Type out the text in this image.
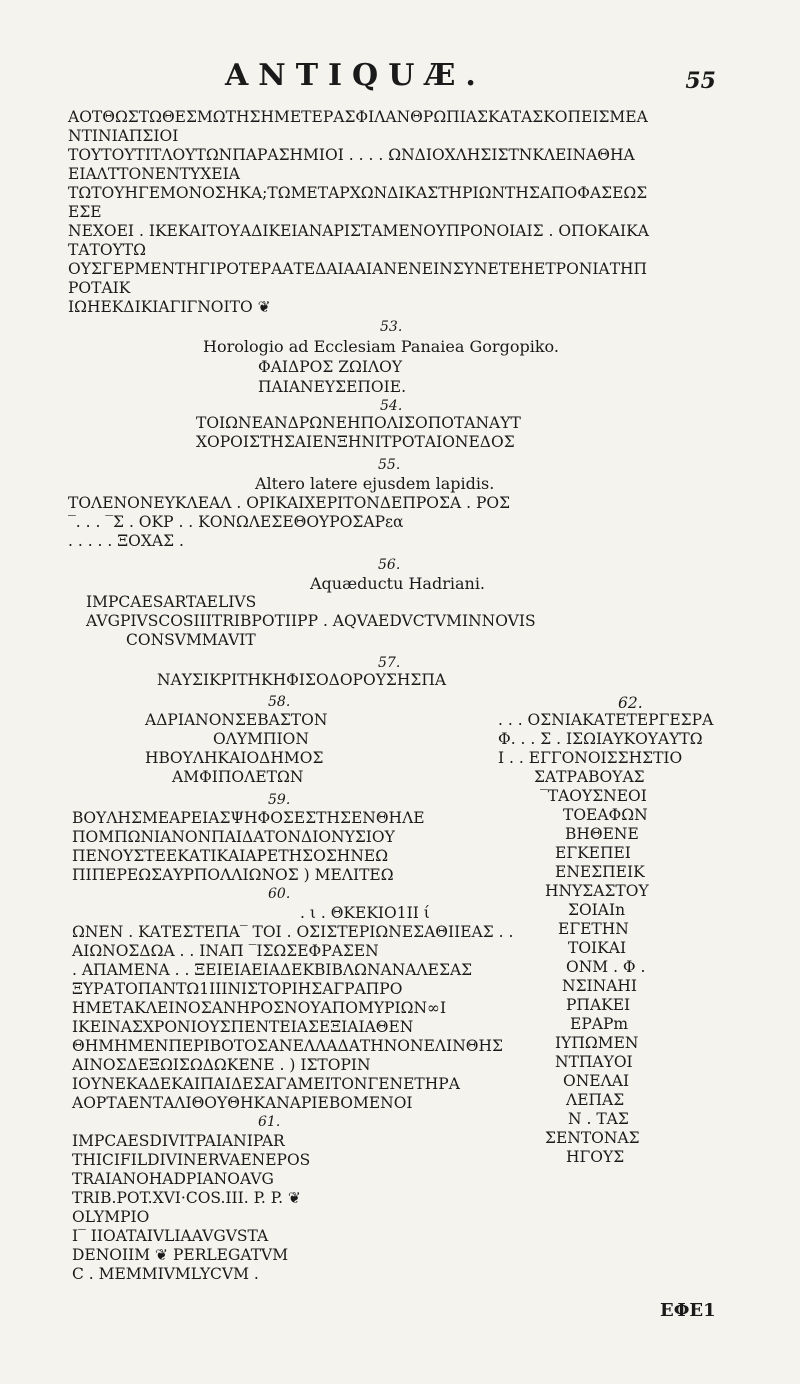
ANTIQUÆ.	55
ΑΟΤΘΩΣΤΩΘΕΣΜΩΤΗΣΗΜΕΤΕΡΑΣΦΙΛΑΝΘΡΩΠΙΑΣΚΑΤΑΣΚΟΠΕΙΣΜΕΑ
ΝΤΙΝΙΑΠΣΙΟΙ
ΤΟΥΤΟΥΤΙΤΛΟΥΤΩΝΠΑΡΑΣΗΜΙΟΙ . . . . ΩΝΔΙΟΧΛΗΣΙΣΤΝΚΛΕΙΝΑΘΗΑ
ΕΙΑΛΤΤΟΝΕΝΤΥΧΕΙΑ
ΤΩΤΟΥΗΓΕΜΟΝΟΣΗΚΑ;ΤΩΜΕΤΑΡΧΩΝΔΙΚΑΣΤΗΡΙΩΝΤΗΣΑΠΟΦΑΣΕΩΣ
ΕΣΕ
ΝΕΧΟΕΙ . ΙΚΕΚΑΙΤΟΥΑΔΙΚΕΙΑΝΑΡΙΣΤΑΜΕΝΟΥΠΡΟΝΟΙΑΙΣ . ΟΠΟΚΑΙΚΑ
ΤΑΤΟΥΤΩ
ΟΥΣΓΕΡΜΕΝΤΗΓΙΡΟΤΕΡΑΑΤΕΔΑΙΑΑΙΑΝΕΝΕΙΝΣΥΝΕΤΕΗΕΤΡΟΝΙΑΤΗΠ
ΡΟΤΑΙΚ
ΙΩΗΕΚΔΙΚΙΑΓΙΓΝΟΙΤΟ ❦
53.
Horologio ad Ecclesiam Panaiea Gorgopiko.
ΦΑΙΔΡΟΣ ΖΩΙΛΟΥ
ΠΑΙΑΝΕΥΣΕΠΟΙΕ.
54.
ΤΟΙΩΝΕΑΝΔΡΩΝΕΗΠΟΛΙΣΟΠΟΤΑΝΑΥΤ
ΧΟΡΟΙΣΤΗΣΑΙΕΝΞΗΝΙΤΡΟΤΑΙΟΝΕΔΟΣ
55.
Altero latere ejusdem lapidis.
ΤΟΛΕΝΟΝΕΥΚΛΕΑΛ . ΟΡΙΚΑΙΧΕΡΙΤΟΝΔΕΠΡΟΣΑ . ΡΟΣ
‾. . . ‾Σ . ΟΚΡ . . ΚΟΝΩΛΕΣΕΘΟΥΡΟΣΑΡεα
. . . . . ΞΟΧΑΣ .
56.
Aquæductu Hadriani.
IMPCAESARTAELIVS
AVGPIVSCOSIIITRIBPOTIIPP . AQVAEDVCTVMINNOVIS
CONSVMMAVIT
57.
ΝΑΥΣΙΚΡΙΤΗΚΗΦΙΣΟΔΟΡΟΥΣΗΣΠΑ
58.
ΑΔΡΙΑΝΟΝΣΕΒΑΣΤΟΝ
ΟΛΥΜΠΙΟΝ
ΗΒΟΥΛΗΚΑΙΟΔΗΜΟΣ
ΑΜΦΙΠΟΛΕΤΩΝ
59.
ΒΟΥΛΗΣΜΕΑΡΕΙΑΣΨΗΦΟΣΕΣΤΗΣΕΝΘΗΛΕ
ΠΟΜΠΩΝΙΑΝΟΝΠΑΙΔΑΤΟΝΔΙΟΝΥΣΙΟΥ
ΠΕΝΟΥΣΤΕΕΚΑΤΙΚΑΙΑΡΕΤΗΣΟΣΗΝΕΩ
ΠΙΠΕΡΕΩΣΑΥΡΠΟΛΛΙΩΝΟΣ ) ΜΕΛΙΤΕΩ
60.
. ι . ΘΚΕΚΙΟ1ΙΙ ί
ΩΝΕΝ . ΚΑΤΕΣΤΕΠΑ‾ ΤΟΙ . ΟΣΙΣΤΕΡΙΩΝΕΣΑΘΙΙΕΑΣ . .
ΑΙΩΝΟΣΔΩΑ . . ΙΝΑΠ ‾ΙΣΩΣΕΦΡΑΣΕΝ
. ΑΠΑΜΕΝΑ . . ΞΕΙΕΙΑΕΙΑΔΕΚΒΙΒΛΩΝΑΝΑΛΕΣΑΣ
ΞΥΡΑΤΟΠΑΝΤΩ1ΙΙΙΝΙΣΤΟΡΙΗΣΑΓΡΑΠΡΟ
ΗΜΕΤΑΚΛΕΙΝΟΣΑΝΗΡΟΣΝΟΥΑΠΟΜΥΡΙΩΝ∞Ι
ΙΚΕΙΝΑΣΧΡΟΝΙΟΥΣΠΕΝΤΕΙΑΣΕΞΙΑΙΑΘΕΝ
ΘΗΜΗΜΕΝΠΕΡΙΒΟΤΟΣΑΝΕΛΛΑΔΑΤΗΝΟΝΕΛΙΝΘΗΣ
ΑΙΝΟΣΔΕΞΩΙΣΩΔΩΚΕΝΕ . ) ΙΣΤΟΡΙΝ
ΙΟΥΝΕΚΑΔΕΚΑΙΠΑΙΔΕΣΑΓΑΜΕΙΤΟΝΓΕΝΕΤΗΡΑ
ΑΟΡΤΑΕΝΤΑΛΙΘΟΥΘΗΚΑΝΑΡΙΕΒΟΜΕΝΟΙ
61.
IMPCAESDIVITPAIANIPAR
THICIFILDIVINERVAENEPOS
TRAIANOHADPIANOAVG
TRIB.POT.XVI·COS.III. P. P. ❦
OLYMPIO
I‾ IIOATAIVLIAAVGVSTA
DENOIIM ❦ PERLEGATVM
C . MEMMIVMLYCVM .
62.
. . . ΟΣΝΙΑΚΑΤΕΤΕΡΓΕΣΡΑ
Φ. . . Σ . ΙΣΩΙΑΥΚΟΥΑΥΤΩ
Ι . . ΕΓΓΟΝΟΙΣΣΗΣΤΙΟ
ΣΑΤΡΑΒΟΥΑΣ
‾ΤΑΟΥΣΝΕΟΙ
ΤΟΕΑΦΩΝ
ΒΗΘΕΝΕ
ΕΓΚΕΠΕΙ
ΕΝΕΣΠΕΙΚ
ΗΝΥΣΑΣΤΟΥ
ΣΟΙΑΙn
ΕΓΕΤΗΝ
ΤΟΙΚΑΙ
ΟΝΜ . Φ .
ΝΣΙΝΑΗΙ
ΡΠΑΚΕΙ
ΕΡΑΡm
ΙΥΠΩΜΕΝ
ΝΤΠΑΥΟΙ
ΟΝΕΛΑΙ
ΛΕΠΑΣ
Ν . ΤΑΣ
ΣΕΝΤΟΝΑΣ
ΗΓΟΥΣ
ΕΦΕ1
